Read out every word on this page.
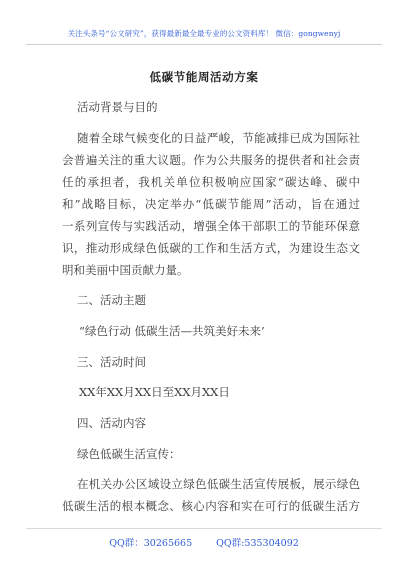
关注头条号“公文研究”，获得最新最全最专业的公文资料库！ 微信：gongwenyj
低碳节能周活动方案
活动背景与目的
随着全球气候变化的日益严峻，节能减排已成为国际社
会普遍关注的重大议题。作为公共服务的提供者和社会责
任的承担者，我机关单位积极响应国家“碳达峰、碳中
和”战略目标，决定举办“低碳节能周”活动，旨在通过
一系列宣传与实践活动，增强全体干部职工的节能环保意
识，推动形成绿色低碳的工作和生活方式，为建设生态文
明和美丽中国贡献力量。
二、活动主题
“绿色行动 低碳生活—共筑美好未来’
三、活动时间
XX年XX月XX日至XX月XX日
四、活动内容
绿色低碳生活宣传：
在机关办公区域设立绿色低碳生活宣传展板，展示绿色
低碳生活的根本概念、核心内容和实在可行的低碳生活方
QQ群：30265665	QQ群:535304092
